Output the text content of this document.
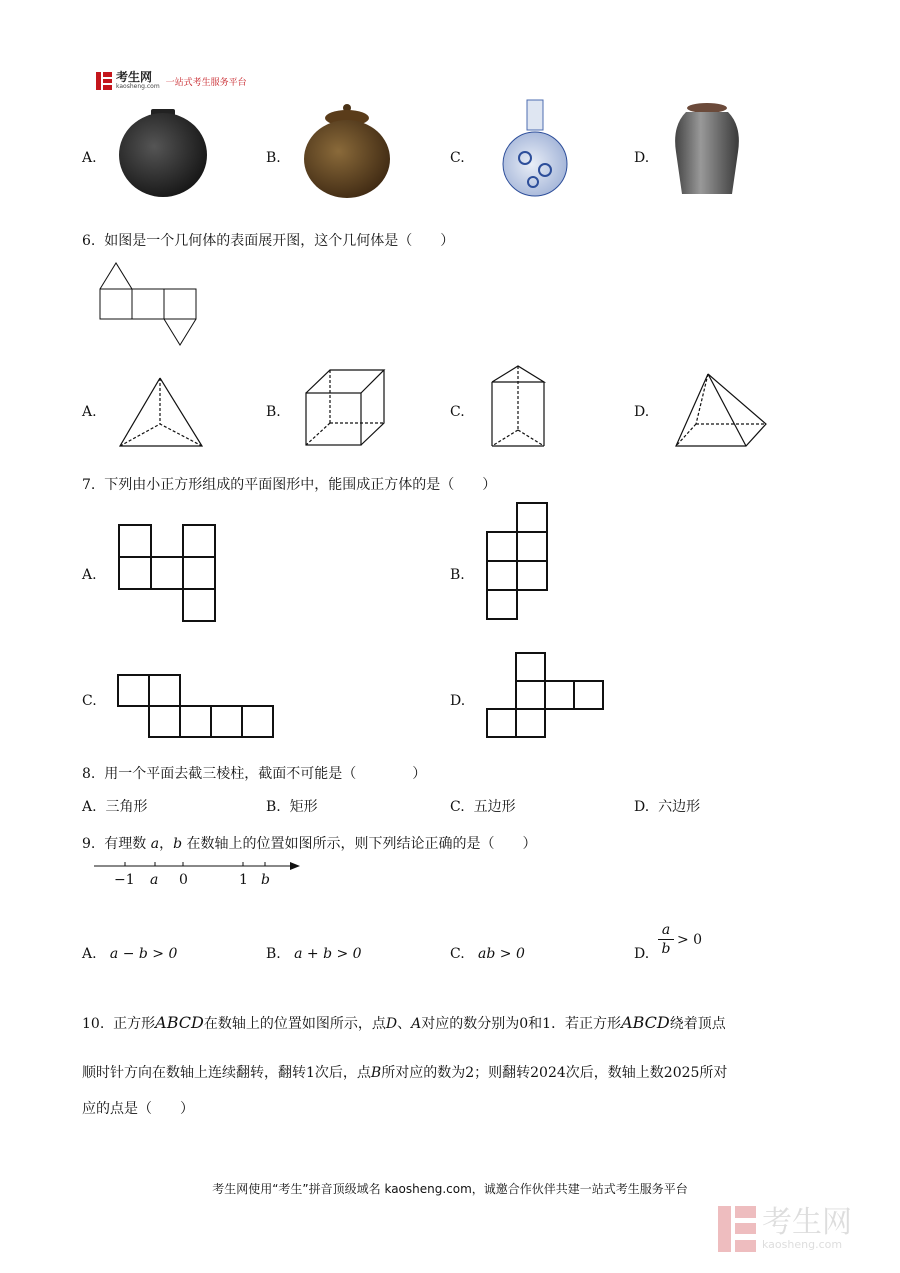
考生网
kaosheng.com 一站式考生服务平台
A.	B.	C.	D.
6. 如图是一个几何体的表面展开图，这个几何体是（　　）
A.	B.	C.	D.
7. 下列由小正方形组成的平面图形中，能围成正方体的是（　　）
A.	B.
C.	D.
8. 用一个平面去截三棱柱，截面不可能是（　　　　）
A. 三角形	B. 矩形	C. 五边形	D. 六边形
9. 有理数 a，b 在数轴上的位置如图所示，则下列结论正确的是（　　）
−1 a 0	1 b
A. a − b > 0	B. a + b > 0	C. ab > 0	D.
a
b
> 0
10. 正方形ABCD在数轴上的位置如图所示，点D、A对应的数分别为0和1．若正方形ABCD绕着顶点
顺时针方向在数轴上连续翻转，翻转1次后，点B所对应的数为2；则翻转2024次后，数轴上数2025所对
应的点是（　　）
考生网使用“考生”拼音顶级域名 kaosheng.com，诚邀合作伙伴共建一站式考生服务平台
考生网
kaosheng.com
